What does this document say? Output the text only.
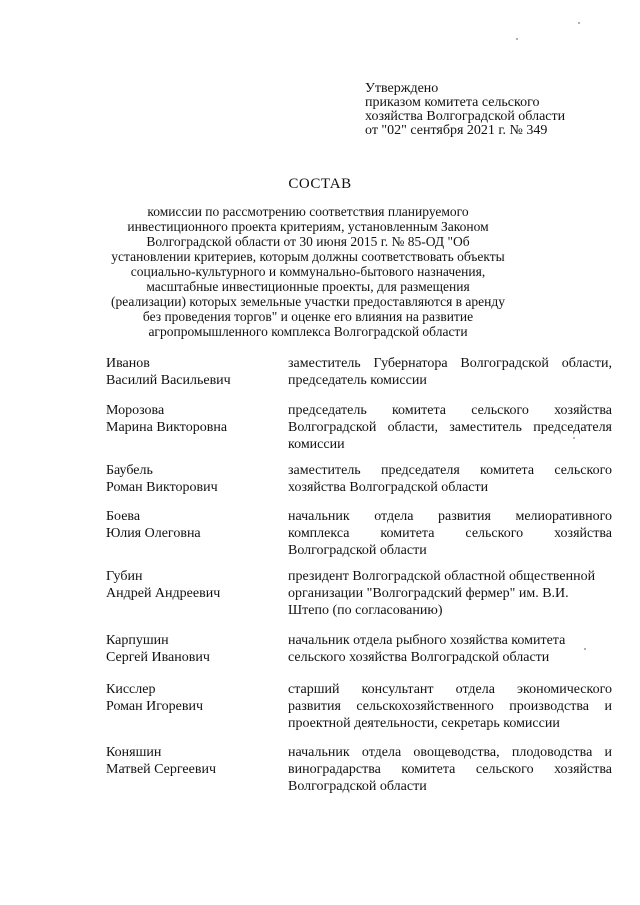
Утверждено
приказом комитета сельского
хозяйства Волгоградской области
от "02" сентября 2021 г. № 349
СОСТАВ
комиссии по рассмотрению соответствия планируемого инвестиционного проекта критериям, установленным Законом Волгоградской области от 30 июня 2015 г. № 85-ОД "Об установлении критериев, которым должны соответствовать объекты социально-культурного и коммунально-бытового назначения, масштабные инвестиционные проекты, для размещения (реализации) которых земельные участки предоставляются в аренду без проведения торгов" и оценке его влияния на развитие агропромышленного комплекса Волгоградской области
Иванов
Василий Васильевич
заместитель Губернатора Волгоградской области, председатель комиссии
Морозова
Марина Викторовна
председатель комитета сельского хозяйства Волгоградской области, заместитель председателя комиссии
Баубель
Роман Викторович
заместитель председателя комитета сельского хозяйства Волгоградской области
Боева
Юлия Олеговна
начальник отдела развития мелиоративного комплекса комитета сельского хозяйства Волгоградской области
Губин
Андрей Андреевич
президент Волгоградской областной общественной организации "Волгоградский фермер" им. В.И. Штепо (по согласованию)
Карпушин
Сергей Иванович
начальник отдела рыбного хозяйства комитета сельского хозяйства Волгоградской области
Кисслер
Роман Игоревич
старший консультант отдела экономического развития сельскохозяйственного производства и проектной деятельности, секретарь комиссии
Коняшин
Матвей Сергеевич
начальник отдела овощеводства, плодоводства и виноградарства комитета сельского хозяйства Волгоградской области
